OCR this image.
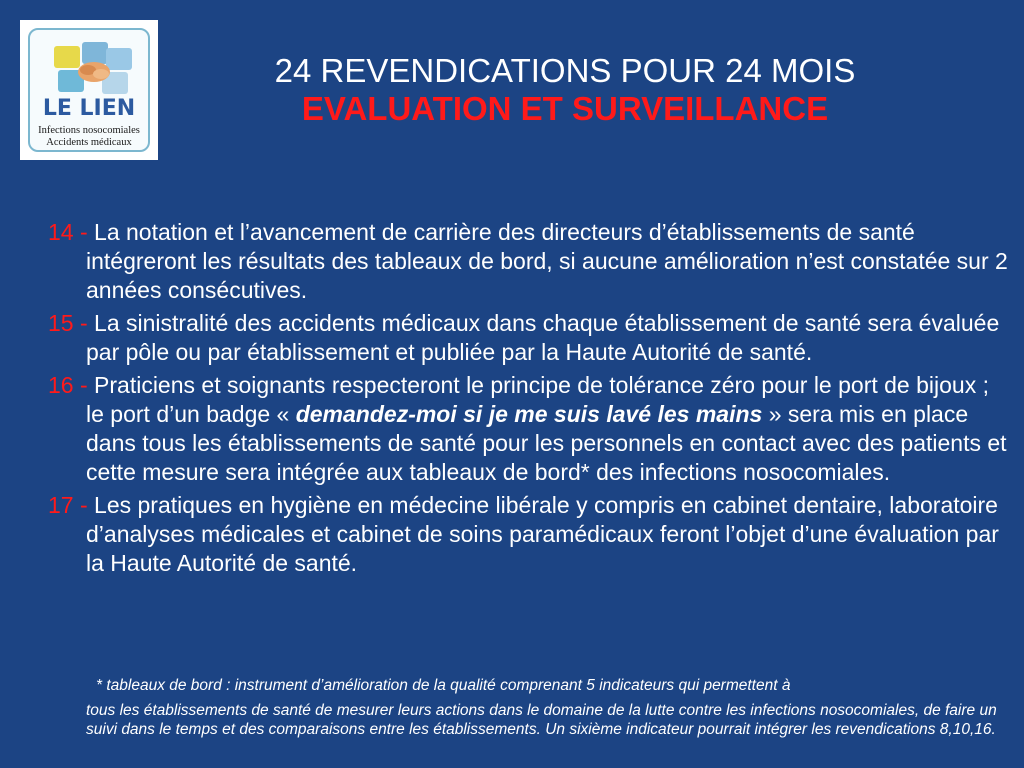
LE LIEN
Infections nosocomiales
Accidents médicaux
24 REVENDICATIONS POUR 24 MOIS
EVALUATION ET SURVEILLANCE
14 - La notation et l’avancement de carrière des directeurs d’établissements de santé intégreront les résultats des tableaux de bord, si aucune amélioration n’est constatée sur 2 années consécutives.
15 - La sinistralité des accidents médicaux dans chaque établissement de santé sera évaluée par pôle ou par établissement et publiée par la Haute Autorité de santé.
16 - Praticiens et soignants respecteront le principe de tolérance zéro pour le port de bijoux ; le port d’un badge « demandez-moi si je me suis lavé les mains » sera mis en place dans tous les établissements de santé pour les personnels en contact avec des patients et cette mesure sera intégrée aux tableaux de bord* des infections nosocomiales.
17 - Les pratiques en hygiène en médecine libérale y compris en cabinet dentaire, laboratoire d’analyses médicales et cabinet de soins paramédicaux feront l’objet d’une évaluation par la Haute Autorité de santé.
* tableaux de bord : instrument d’amélioration de la qualité comprenant 5 indicateurs qui permettent à
tous les établissements de santé de mesurer leurs actions dans le domaine de la lutte contre les infections nosocomiales, de faire un suivi dans le temps et des comparaisons entre les établissements. Un sixième indicateur pourrait intégrer les revendications 8,10,16.
